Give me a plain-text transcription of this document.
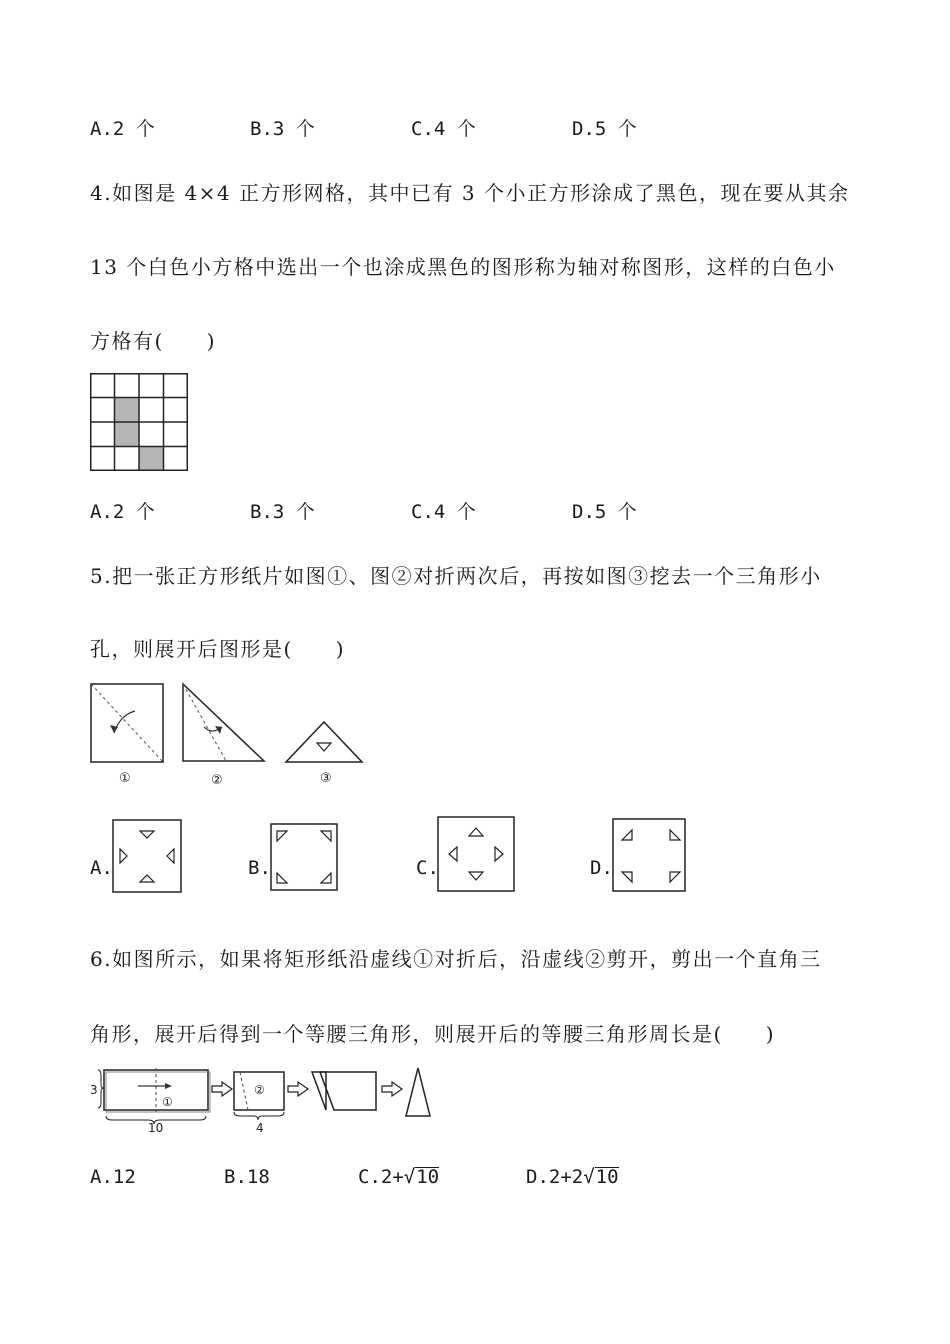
A.2 个	B.3 个	C.4 个	D.5 个
4.如图是 4×4 正方形网格，其中已有 3 个小正方形涂成了黑色，现在要从其余
13 个白色小方格中选出一个也涂成黑色的图形称为轴对称图形，这样的白色小
方格有(　　)
A.2 个	B.3 个	C.4 个	D.5 个
5.把一张正方形纸片如图①、图②对折两次后，再按如图③挖去一个三角形小
孔，则展开后图形是(　　)
①	②	③
A.	B.	C.	D.
6.如图所示，如果将矩形纸沿虚线①对折后，沿虚线②剪开，剪出一个直角三
角形，展开后得到一个等腰三角形，则展开后的等腰三角形周长是(　　)
3
①
10
②
4
A.12	B.18	C.2+√10	D.2+2√10
